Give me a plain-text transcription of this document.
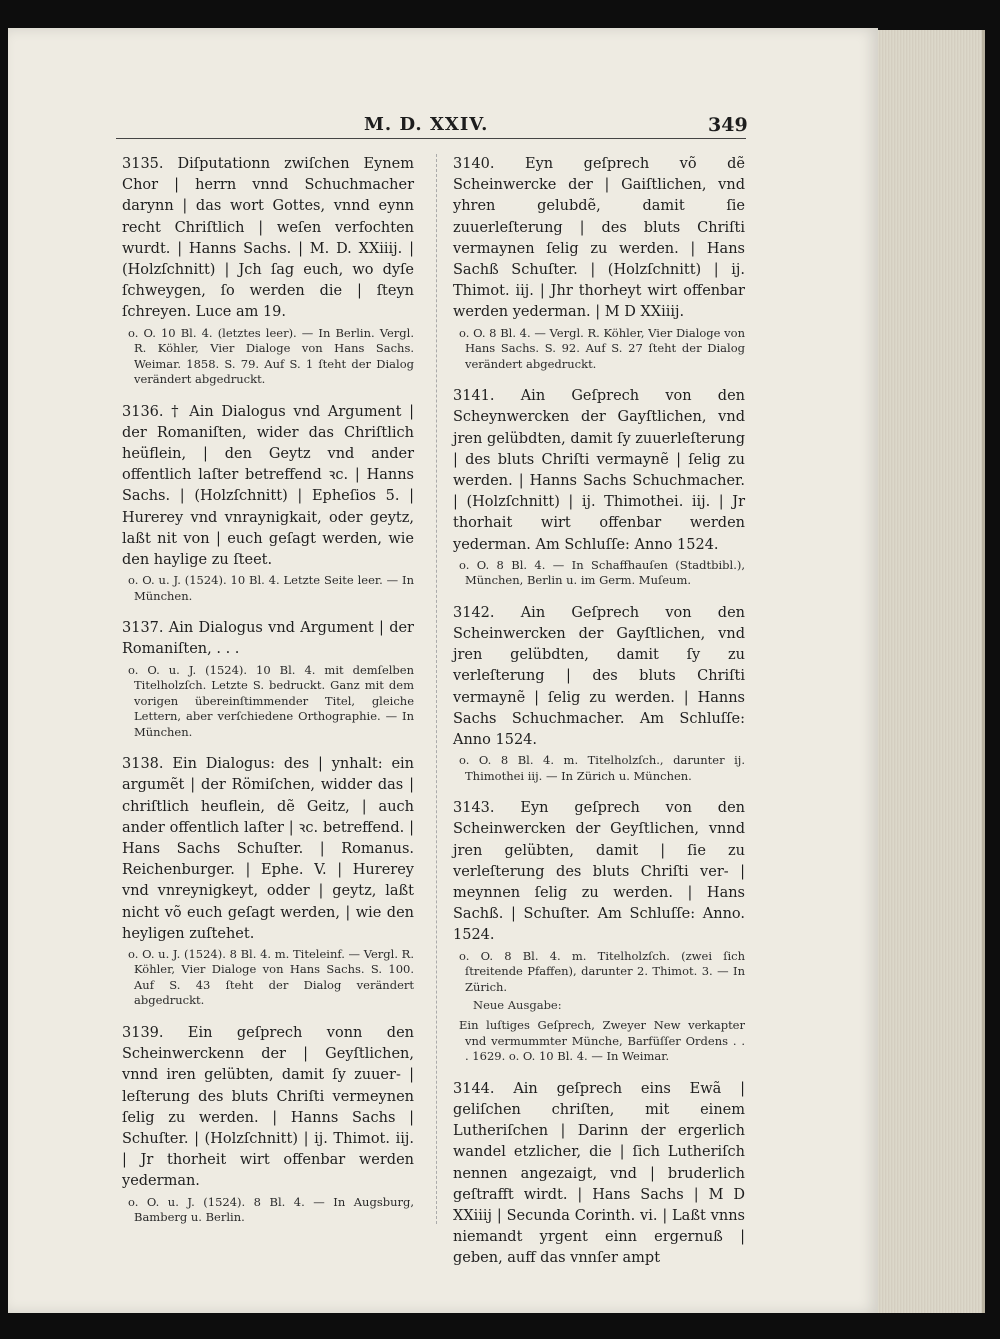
M. D. XXIV.	349
3135. Diſputationn zwiſchen Eynem Chor | herrn vnnd Schuchmacher darynn | das wort Gottes, vnnd eynn recht Chriſtlich | weſen verfochten wurdt. | Hanns Sachs. | M. D. XXiiij. | (Holzſchnitt) | Jch ſag euch, wo dyſe ſchweygen, ſo werden die | ſteyn ſchreyen. Luce am 19.
o. O. 10 Bl. 4. (letztes leer). — In Berlin. Vergl. R. Köhler, Vier Dialoge von Hans Sachs. Weimar. 1858. S. 79. Auf S. 1 ſteht der Dialog verändert abgedruckt.
3136. † Ain Dialogus vnd Argument | der Romaniſten, wider das Chriſtlich heüflein, | den Geytz vnd ander offentlich laſter betreffend ꝛc. | Hanns Sachs. | (Holzſchnitt) | Epheſios 5. | Hurerey vnd vnraynigkait, oder geytz, laßt nit von | euch geſagt werden, wie den haylige zu ſteet.
o. O. u. J. (1524). 10 Bl. 4. Letzte Seite leer. — In München.
3137. Ain Dialogus vnd Argument | der Romaniſten, . . .
o. O. u. J. (1524). 10 Bl. 4. mit demſelben Titelholzſch. Letzte S. bedruckt. Ganz mit dem vorigen übereinſtimmender Titel, gleiche Lettern, aber verſchiedene Orthographie. — In München.
3138. Ein Dialogus: des | ynhalt: ein argumẽt | der Römiſchen, widder das | chriſtlich heuflein, dẽ Geitz, | auch ander offentlich laſter | ꝛc. betreffend. | Hans Sachs Schuſter. | Romanus. Reichenburger. | Ephe. V. | Hurerey vnd vnreynigkeyt, odder | geytz, laßt nicht võ euch geſagt werden, | wie den heyligen zuſtehet.
o. O. u. J. (1524). 8 Bl. 4. m. Titeleinf. — Vergl. R. Köhler, Vier Dialoge von Hans Sachs. S. 100. Auf S. 43 ſteht der Dialog verändert abgedruckt.
3139. Ein geſprech vonn den Scheinwerckenn der | Geyſtlichen, vnnd iren gelübten, damit ſy zuuer- | leſterung des bluts Chriſti vermeynen ſelig zu werden. | Hanns Sachs | Schuſter. | (Holzſchnitt) | ij. Thimot. iij. | Jr thorheit wirt offenbar werden yederman.
o. O. u. J. (1524). 8 Bl. 4. — In Augsburg, Bamberg u. Berlin.
3140. Eyn geſprech võ dẽ Scheinwercke der | Gaiſtlichen, vnd yhren gelubdẽ, damit ſie zuuerleſterung | des bluts Chriſti vermaynen ſelig zu werden. | Hans Sachß Schuſter. | (Holzſchnitt) | ij. Thimot. iij. | Jhr thorheyt wirt offenbar werden yederman. | M D XXiiij.
o. O. 8 Bl. 4. — Vergl. R. Köhler, Vier Dialoge von Hans Sachs. S. 92. Auf S. 27 ſteht der Dialog verändert abgedruckt.
3141. Ain Geſprech von den Scheynwercken der Gayſtlichen, vnd jren gelübdten, damit ſy zuuerleſterung | des bluts Chriſti vermaynẽ | ſelig zu werden. | Hanns Sachs Schuchmacher. | (Holzſchnitt) | ij. Thimothei. iij. | Jr thorhait wirt offenbar werden yederman. Am Schluſſe: Anno 1524.
o. O. 8 Bl. 4. — In Schaffhauſen (Stadtbibl.), München, Berlin u. im Germ. Muſeum.
3142. Ain Geſprech von den Scheinwercken der Gayſtlichen, vnd jren gelübdten, damit ſy zu verleſterung | des bluts Chriſti vermaynẽ | ſelig zu werden. | Hanns Sachs Schuchmacher. Am Schluſſe: Anno 1524.
o. O. 8 Bl. 4. m. Titelholzſch., darunter ij. Thimothei iij. — In Zürich u. München.
3143. Eyn geſprech von den Scheinwercken der Geyſtlichen, vnnd jren gelübten, damit | ſie zu verleſterung des bluts Chriſti ver- | meynnen ſelig zu werden. | Hans Sachß. | Schuſter. Am Schluſſe: Anno. 1524.
o. O. 8 Bl. 4. m. Titelholzſch. (zwei ſich ſtreitende Pfaffen), darunter 2. Thimot. 3. — In Zürich.
Neue Ausgabe:
Ein luſtiges Geſprech, Zweyer New verkapter vnd vermummter Münche, Barfüſſer Ordens . . . 1629. o. O. 10 Bl. 4. — In Weimar.
3144. Ain geſprech eins Ewã | geliſchen chriſten, mit einem Lutheriſchen | Darinn der ergerlich wandel etzlicher, die | ſich Lutheriſch nennen angezaigt, vnd | bruderlich geſtrafft wirdt. | Hans Sachs | M D XXiiij | Secunda Corinth. vi. | Laßt vnns niemandt yrgent einn ergernuß | geben, auff das vnnſer ampt
